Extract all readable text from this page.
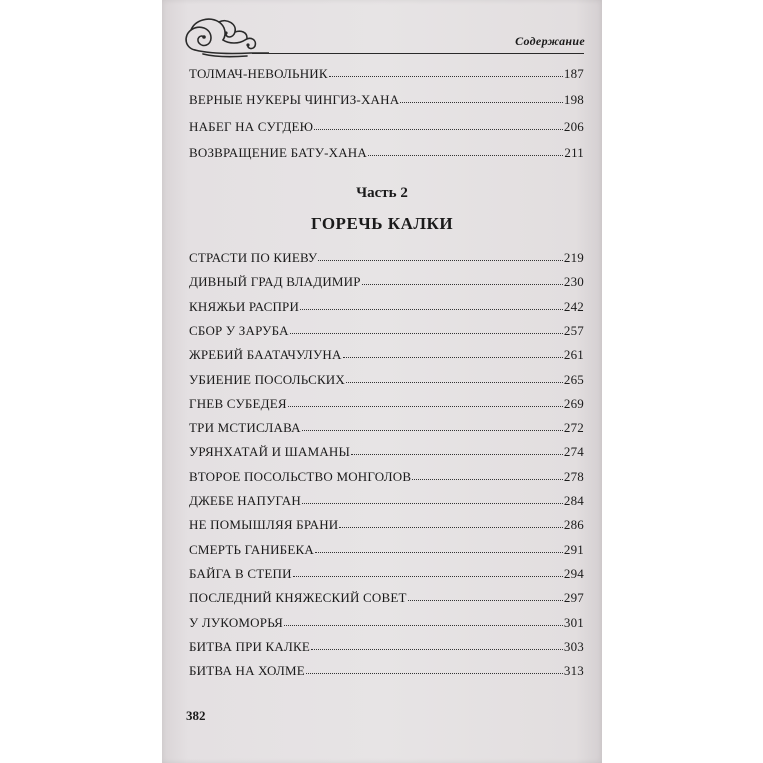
Содержание
ТОЛМАЧ-НЕВОЛЬНИК	187
ВЕРНЫЕ НУКЕРЫ ЧИНГИЗ-ХАНА	198
НАБЕГ НА СУГДЕЮ	206
ВОЗВРАЩЕНИЕ БАТУ-ХАНА	211
Часть 2
ГОРЕЧЬ КАЛКИ
СТРАСТИ ПО КИЕВУ	219
ДИВНЫЙ ГРАД ВЛАДИМИР	230
КНЯЖЬИ РАСПРИ	242
СБОР У ЗАРУБА	257
ЖРЕБИЙ БААТАЧУЛУНА	261
УБИЕНИЕ ПОСОЛЬСКИХ	265
ГНЕВ СУБЕДЕЯ	269
ТРИ МСТИСЛАВА	272
УРЯНХАТАЙ И ШАМАНЫ	274
ВТОРОЕ ПОСОЛЬСТВО МОНГОЛОВ	278
ДЖЕБЕ НАПУГАН	284
НЕ ПОМЫШЛЯЯ БРАНИ	286
СМЕРТЬ ГАНИБЕКА	291
БАЙГА В СТЕПИ	294
ПОСЛЕДНИЙ КНЯЖЕСКИЙ СОВЕТ	297
У ЛУКОМОРЬЯ	301
БИТВА ПРИ КАЛКЕ	303
БИТВА НА ХОЛМЕ	313
382
